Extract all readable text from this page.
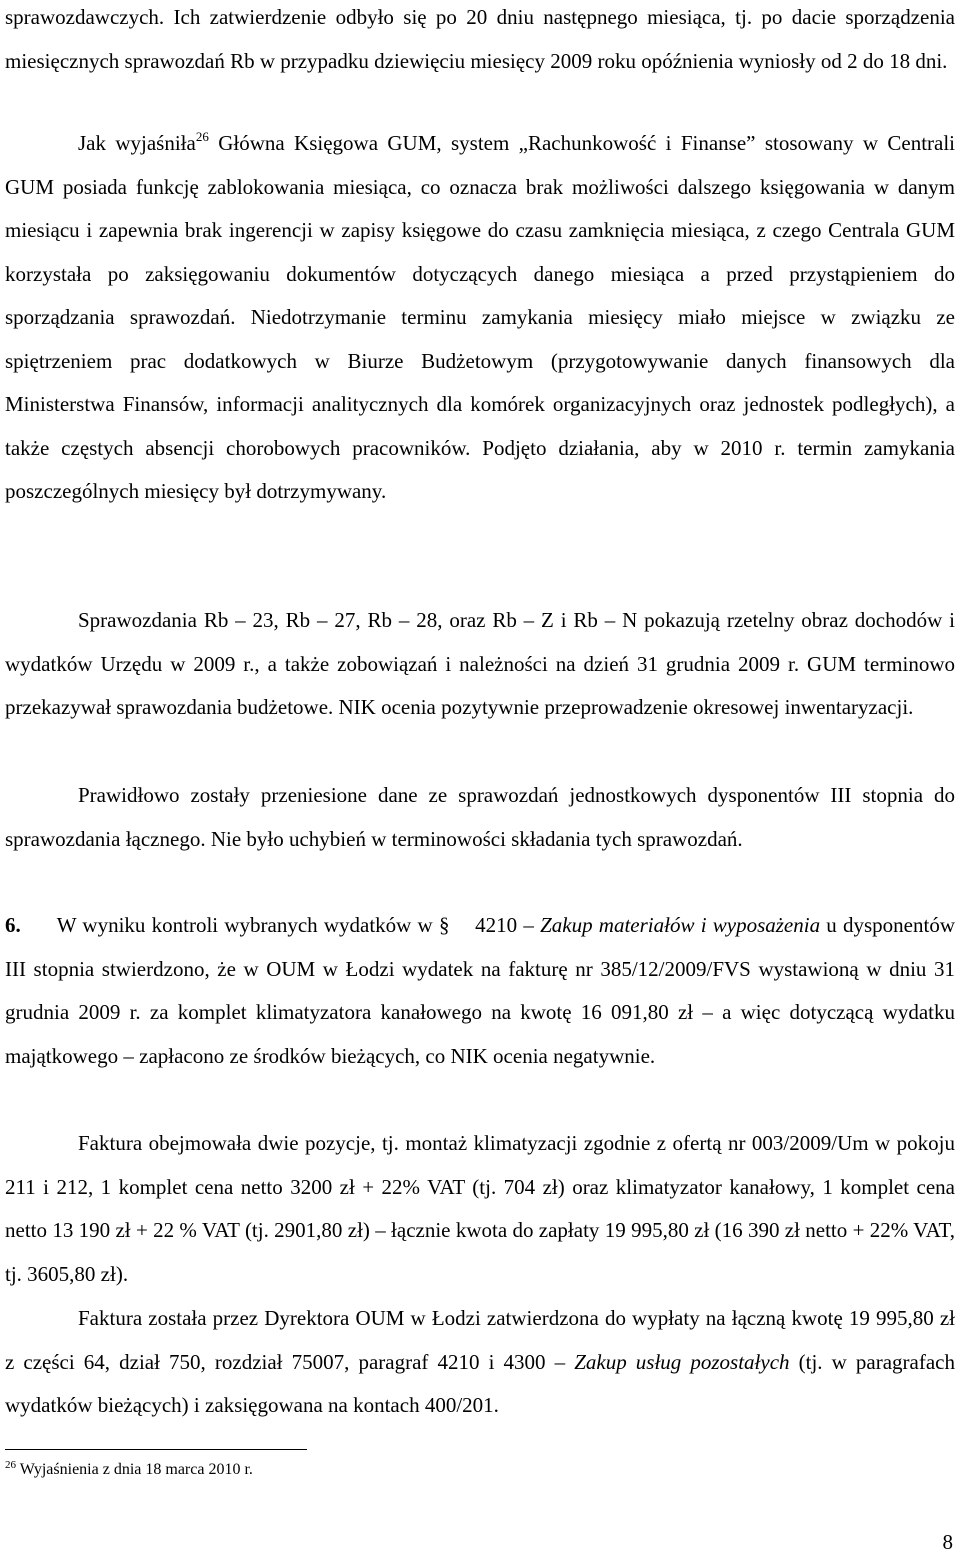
sprawozdawczych. Ich zatwierdzenie odbyło się po 20 dniu następnego miesiąca, tj. po dacie sporządzenia miesięcznych sprawozdań Rb w przypadku dziewięciu miesięcy 2009 roku opóźnienia wyniosły od 2 do 18 dni.

Jak wyjaśniła$^{26}$ Główna Księgowa GUM, system „Rachunkowość i Finanse” stosowany w Centrali GUM posiada funkcję zablokowania miesiąca, co oznacza brak możliwości dalszego księgowania w danym miesiącu i zapewnia brak ingerencji w zapisy księgowe do czasu zamknięcia miesiąca, z czego Centrala GUM korzystała po zaksięgowaniu dokumentów dotyczących danego miesiąca a przed przystąpieniem do sporządzania sprawozdań. Niedotrzymanie terminu zamykania miesięcy miało miejsce w związku ze spiętrzeniem prac dodatkowych w Biurze Budżetowym (przygotowywanie danych finansowych dla Ministerstwa Finansów, informacji analitycznych dla komórek organizacyjnych oraz jednostek podległych), a także częstych absencji chorobowych pracowników. Podjęto działania, aby w 2010 r. termin zamykania poszczególnych miesięcy był dotrzymywany.

Sprawozdania Rb – 23, Rb – 27, Rb – 28, oraz Rb – Z i Rb – N pokazują rzetelny obraz dochodów i wydatków Urzędu w 2009 r., a także zobowiązań i należności na dzień 31 grudnia 2009 r. GUM terminowo przekazywał sprawozdania budżetowe. NIK ocenia pozytywnie przeprowadzenie okresowej inwentaryzacji.

Prawidłowo zostały przeniesione dane ze sprawozdań jednostkowych dysponentów III stopnia do sprawozdania łącznego. Nie było uchybień w terminowości składania tych sprawozdań.

6. W wyniku kontroli wybranych wydatków w § 4210 – Zakup materiałów i wyposażenia u dysponentów III stopnia stwierdzono, że w OUM w Łodzi wydatek na fakturę nr 385/12/2009/FVS wystawioną w dniu 31 grudnia 2009 r. za komplet klimatyzatora kanałowego na kwotę 16 091,80 zł – a więc dotyczącą wydatku majątkowego – zapłacono ze środków bieżących, co NIK ocenia negatywnie.

Faktura obejmowała dwie pozycje, tj. montaż klimatyzacji zgodnie z ofertą nr 003/2009/Um w pokoju 211 i 212, 1 komplet cena netto 3200 zł + 22% VAT (tj. 704 zł) oraz klimatyzator kanałowy, 1 komplet cena netto 13 190 zł + 22 % VAT (tj. 2901,80 zł) – łącznie kwota do zapłaty 19 995,80 zł (16 390 zł netto + 22% VAT, tj. 3605,80 zł).

Faktura została przez Dyrektora OUM w Łodzi zatwierdzona do wypłaty na łączną kwotę 19 995,80 zł z części 64, dział 750, rozdział 75007, paragraf 4210 i 4300 – Zakup usług pozostałych (tj. w paragrafach wydatków bieżących) i zaksięgowana na kontach 400/201.

$^{26}$ Wyjaśnienia z dnia 18 marca 2010 r.

8
